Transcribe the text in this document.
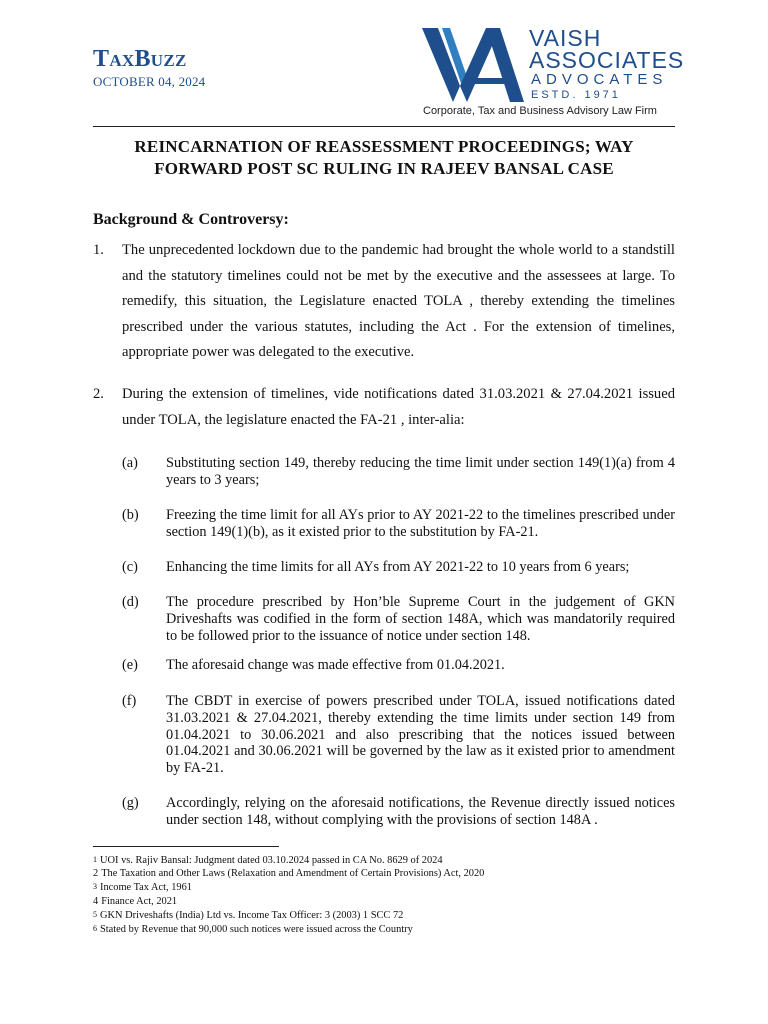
TAXBUZZ
OCTOBER 04, 2024
VAISH
ASSOCIATES
ADVOCATES
ESTD. 1971
Corporate, Tax and Business Advisory Law Firm
REINCARNATION OF REASSESSMENT PROCEEDINGS; WAY
FORWARD POST SC RULING IN RAJEEV BANSAL CASE
Background & Controversy:
1. The unprecedented lockdown due to the pandemic had brought the whole world to a standstill and the statutory timelines could not be met by the executive and the assessees at large. To remedify, this situation, the Legislature enacted TOLA , thereby extending the timelines prescribed under the various statutes, including the Act . For the extension of timelines, appropriate power was delegated to the executive.
2. During the extension of timelines, vide notifications dated 31.03.2021 & 27.04.2021 issued under TOLA, the legislature enacted the FA-21 , inter-alia:
(a) Substituting section 149, thereby reducing the time limit under section 149(1)(a) from 4 years to 3 years;
(b) Freezing the time limit for all AYs prior to AY 2021-22 to the timelines prescribed under section 149(1)(b), as it existed prior to the substitution by FA-21.
(c) Enhancing the time limits for all AYs from AY 2021-22 to 10 years from 6 years;
(d) The procedure prescribed by Hon’ble Supreme Court in the judgement of GKN Driveshafts was codified in the form of section 148A, which was mandatorily required to be followed prior to the issuance of notice under section 148.
(e) The aforesaid change was made effective from 01.04.2021.
(f) The CBDT in exercise of powers prescribed under TOLA, issued notifications dated 31.03.2021 & 27.04.2021, thereby extending the time limits under section 149 from 01.04.2021 to 30.06.2021 and also prescribing that the notices issued between 01.04.2021 and 30.06.2021 will be governed by the law as it existed prior to amendment by FA-21.
(g) Accordingly, relying on the aforesaid notifications, the Revenue directly issued notices under section 148, without complying with the provisions of section 148A .
1 UOI vs. Rajiv Bansal: Judgment dated 03.10.2024 passed in CA No. 8629 of 2024
2 The Taxation and Other Laws (Relaxation and Amendment of Certain Provisions) Act, 2020
3 Income Tax Act, 1961
4 Finance Act, 2021
5 GKN Driveshafts (India) Ltd vs. Income Tax Officer: 3 (2003) 1 SCC 72
6 Stated by Revenue that 90,000 such notices were issued across the Country
